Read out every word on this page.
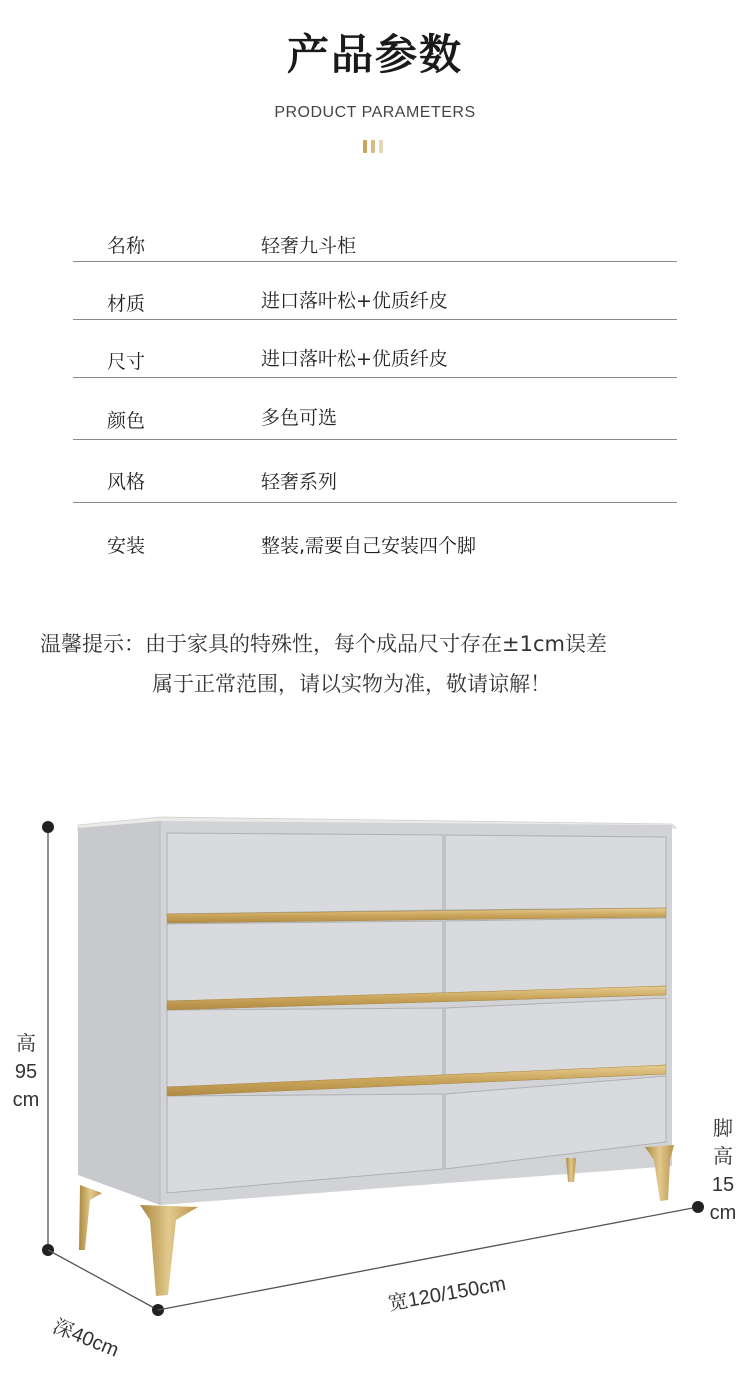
产品参数
PRODUCT PARAMETERS
名称	轻奢九斗柜
材质	进口落叶松+优质纤皮
尺寸	进口落叶松+优质纤皮
颜色	多色可选
风格	轻奢系列
安装	整装,需要自己安装四个脚
温馨提示：由于家具的特殊性，每个成品尺寸存在±1cm误差
属于正常范围，请以实物为准，敬请谅解！
高
95
cm
脚
高
15
cm
深40cm
宽120/150cm
